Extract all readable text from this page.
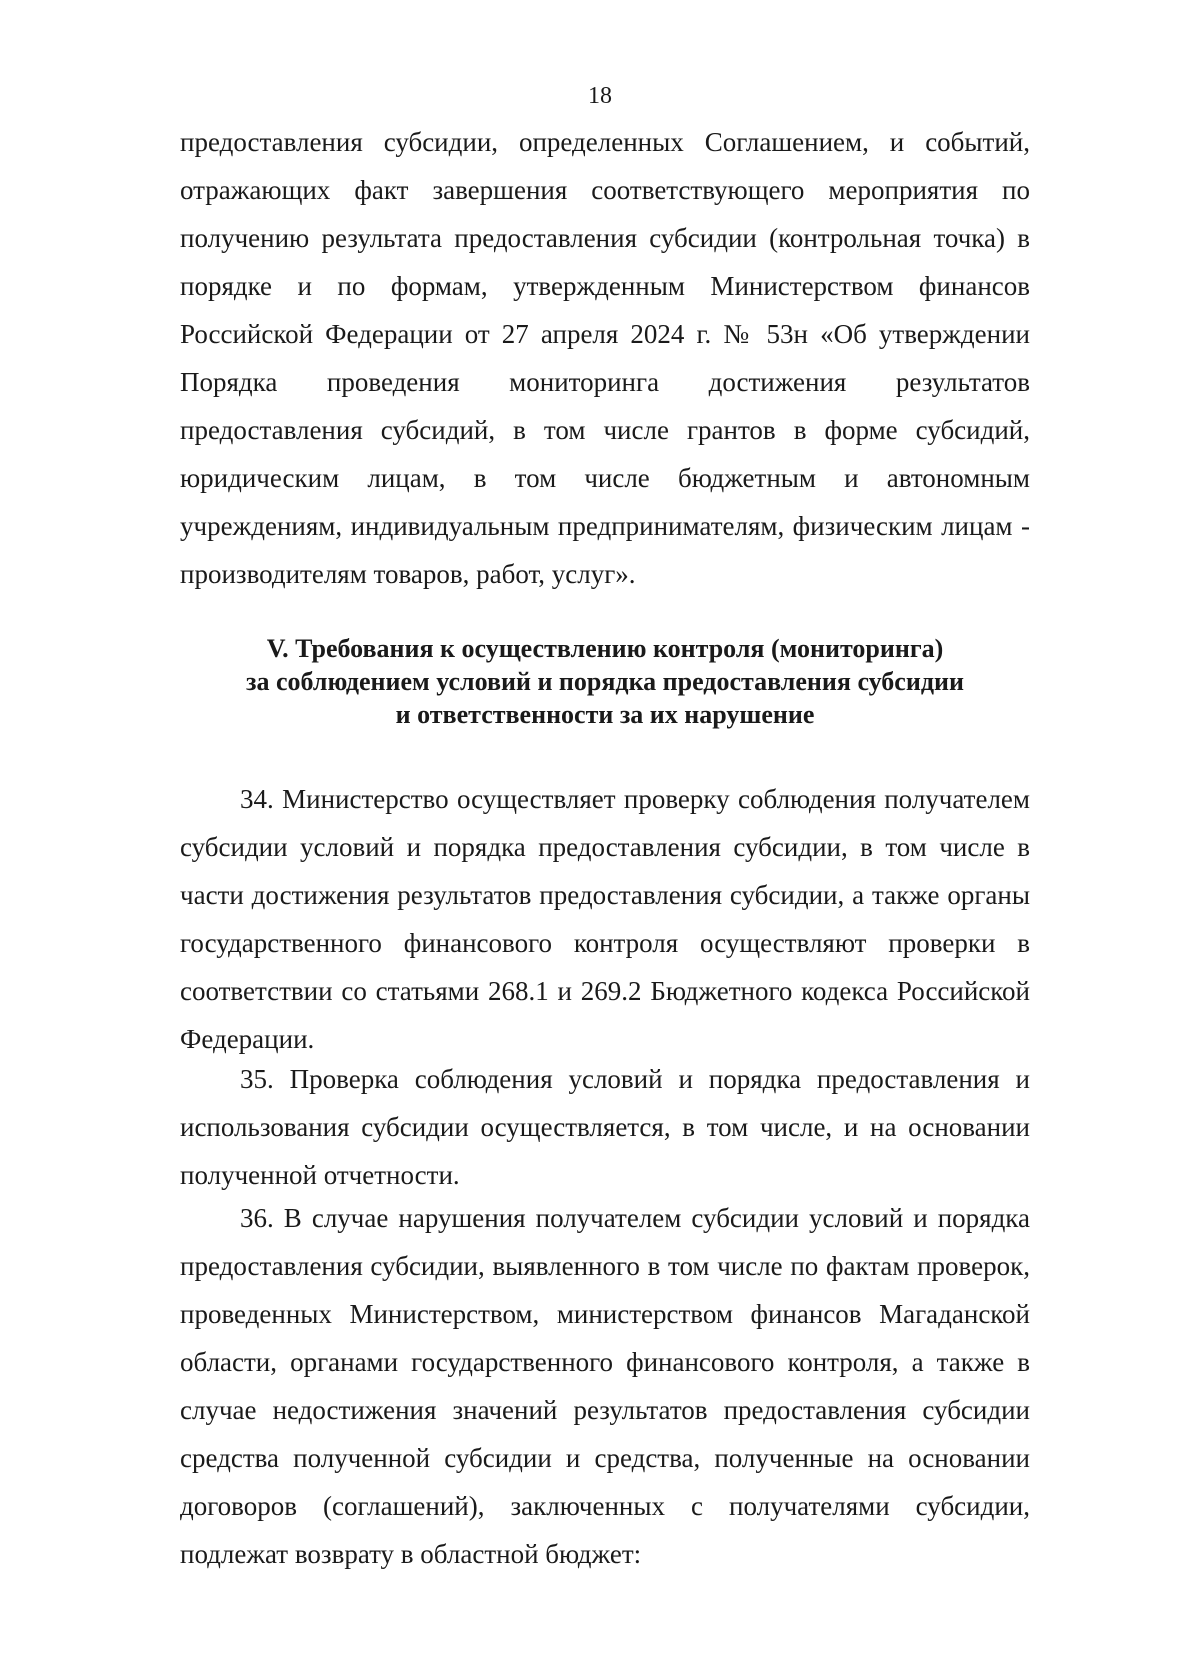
18

предоставления субсидии, определенных Соглашением, и событий, отражающих факт завершения соответствующего мероприятия по получению результата предоставления субсидии (контрольная точка) в порядке и по формам, утвержденным Министерством финансов Российской Федерации от 27 апреля 2024 г. № 53н «Об утверждении Порядка проведения мониторинга достижения результатов предоставления субсидий, в том числе грантов в форме субсидий, юридическим лицам, в том числе бюджетным и автономным учреждениям, индивидуальным предпринимателям, физическим лицам - производителям товаров, работ, услуг».

V. Требования к осуществлению контроля (мониторинга)
за соблюдением условий и порядка предоставления субсидии
и ответственности за их нарушение

34. Министерство осуществляет проверку соблюдения получателем субсидии условий и порядка предоставления субсидии, в том числе в части достижения результатов предоставления субсидии, а также органы государственного финансового контроля осуществляют проверки в соответствии со статьями 268.1 и 269.2 Бюджетного кодекса Российской Федерации.

35. Проверка соблюдения условий и порядка предоставления и использования субсидии осуществляется, в том числе, и на основании полученной отчетности.

36. В случае нарушения получателем субсидии условий и порядка предоставления субсидии, выявленного в том числе по фактам проверок, проведенных Министерством, министерством финансов Магаданской области, органами государственного финансового контроля, а также в случае недостижения значений результатов предоставления субсидии средства полученной субсидии и средства, полученные на основании договоров (соглашений), заключенных с получателями субсидии, подлежат возврату в областной бюджет:
